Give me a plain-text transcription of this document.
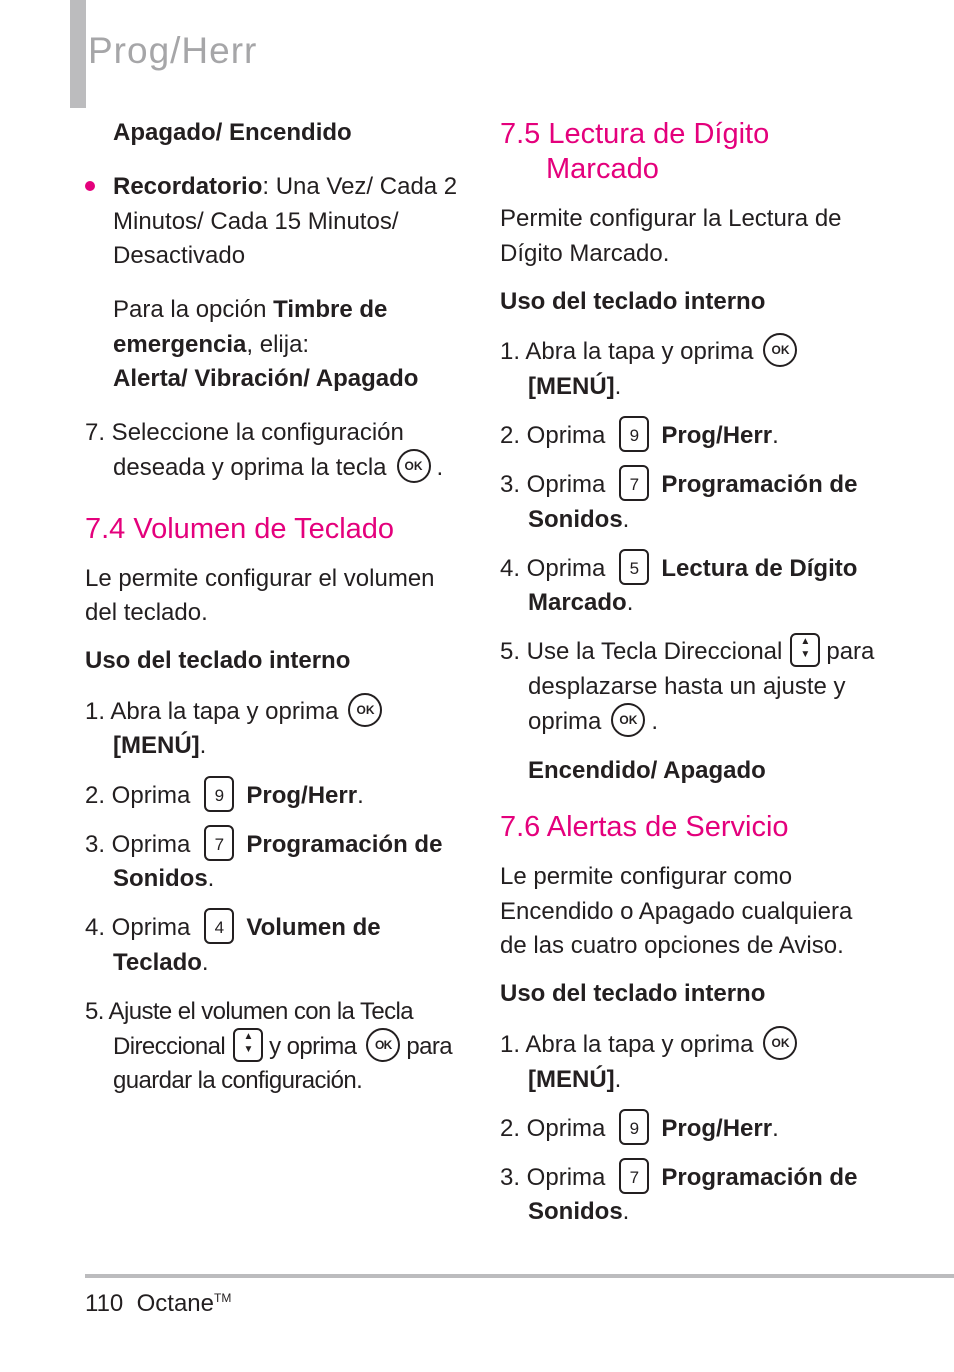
Prog/Herr
Apagado/ Encendido
Recordatorio: Una Vez/ Cada 2
Minutos/ Cada 15 Minutos/
Desactivado
Para la opción Timbre de
emergencia, elija:
Alerta/ Vibración/ Apagado
7. Seleccione la configuración
deseada y oprima la tecla OK .
7.4 Volumen de Teclado
Le permite configurar el volumen
del teclado.
Uso del teclado interno
1. Abra la tapa y oprima OK
[MENÚ].
2. Oprima 9 Prog/Herr.
3. Oprima 7 Programación de
Sonidos.
4. Oprima 4 Volumen de
Teclado.
5. Ajuste el volumen con la Tecla
Direccional ▲
▼ y oprima OK para
guardar la configuración.
7.5 Lectura de Dígito
Marcado
Permite configurar la Lectura de
Dígito Marcado.
Uso del teclado interno
1. Abra la tapa y oprima OK
[MENÚ].
2. Oprima 9 Prog/Herr.
3. Oprima 7 Programación de
Sonidos.
4. Oprima 5 Lectura de Dígito
Marcado.
5. Use la Tecla Direccional ▲
▼ para
desplazarse hasta un ajuste y
oprima OK .
Encendido/ Apagado
7.6 Alertas de Servicio
Le permite configurar como
Encendido o Apagado cualquiera
de las cuatro opciones de Aviso.
Uso del teclado interno
1. Abra la tapa y oprima OK
[MENÚ].
2. Oprima 9 Prog/Herr.
3. Oprima 7 Programación de
Sonidos.
110 Octane™
